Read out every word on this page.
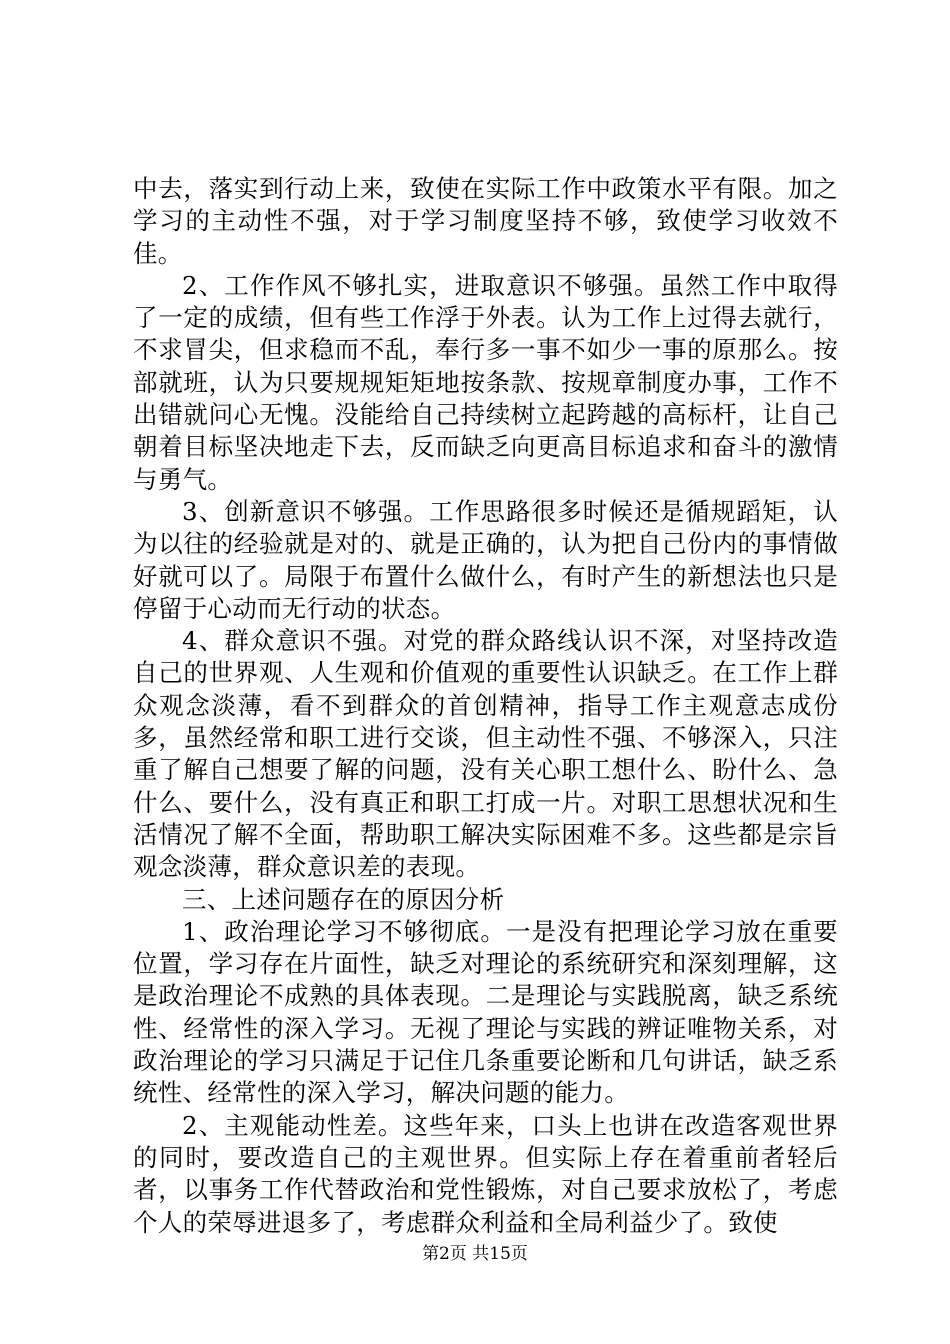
中去，落实到行动上来，致使在实际工作中政策水平有限。加之学习的主动性不强，对于学习制度坚持不够，致使学习收效不佳。

2、工作作风不够扎实，进取意识不够强。虽然工作中取得了一定的成绩，但有些工作浮于外表。认为工作上过得去就行，不求冒尖，但求稳而不乱，奉行多一事不如少一事的原那么。按部就班，认为只要规规矩矩地按条款、按规章制度办事，工作不出错就问心无愧。没能给自己持续树立起跨越的高标杆，让自己朝着目标坚决地走下去，反而缺乏向更高目标追求和奋斗的激情与勇气。

3、创新意识不够强。工作思路很多时候还是循规蹈矩，认为以往的经验就是对的、就是正确的，认为把自己份内的事情做好就可以了。局限于布置什么做什么，有时产生的新想法也只是停留于心动而无行动的状态。

4、群众意识不强。对党的群众路线认识不深，对坚持改造自己的世界观、人生观和价值观的重要性认识缺乏。在工作上群众观念淡薄，看不到群众的首创精神，指导工作主观意志成份多，虽然经常和职工进行交谈，但主动性不强、不够深入，只注重了解自己想要了解的问题，没有关心职工想什么、盼什么、急什么、要什么，没有真正和职工打成一片。对职工思想状况和生活情况了解不全面，帮助职工解决实际困难不多。这些都是宗旨观念淡薄，群众意识差的表现。

三、上述问题存在的原因分析

1、政治理论学习不够彻底。一是没有把理论学习放在重要位置，学习存在片面性，缺乏对理论的系统研究和深刻理解，这是政治理论不成熟的具体表现。二是理论与实践脱离，缺乏系统性、经常性的深入学习。无视了理论与实践的辨证唯物关系，对政治理论的学习只满足于记住几条重要论断和几句讲话，缺乏系统性、经常性的深入学习，解决问题的能力。

2、主观能动性差。这些年来，口头上也讲在改造客观世界的同时，要改造自己的主观世界。但实际上存在着重前者轻后者，以事务工作代替政治和党性锻炼，对自己要求放松了，考虑个人的荣辱进退多了，考虑群众利益和全局利益少了。致使

第2页 共15页
